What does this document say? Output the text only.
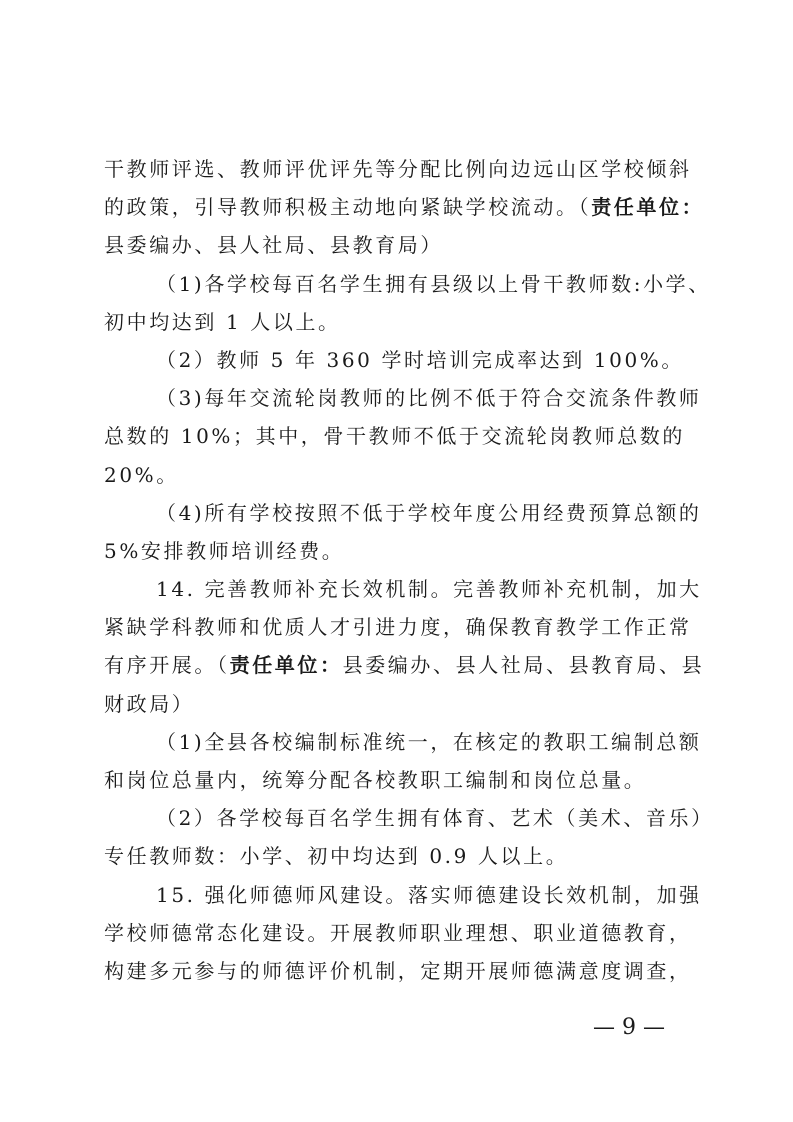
干教师评选、教师评优评先等分配比例向边远山区学校倾斜
的政策，引导教师积极主动地向紧缺学校流动。（责任单位：
县委编办、县人社局、县教育局）
（1)各学校每百名学生拥有县级以上骨干教师数:小学、
初中均达到 1 人以上。
（2）教师 5 年 360 学时培训完成率达到 100%。
（3)每年交流轮岗教师的比例不低于符合交流条件教师
总数的 10%；其中，骨干教师不低于交流轮岗教师总数的
20%。
（4)所有学校按照不低于学校年度公用经费预算总额的
5%安排教师培训经费。
14. 完善教师补充长效机制。完善教师补充机制，加大
紧缺学科教师和优质人才引进力度，确保教育教学工作正常
有序开展。（责任单位：县委编办、县人社局、县教育局、县
财政局）
（1)全县各校编制标准统一，在核定的教职工编制总额
和岗位总量内，统筹分配各校教职工编制和岗位总量。
（2）各学校每百名学生拥有体育、艺术（美术、音乐）
专任教师数：小学、初中均达到 0.9 人以上。
15. 强化师德师风建设。落实师德建设长效机制，加强
学校师德常态化建设。开展教师职业理想、职业道德教育，
构建多元参与的师德评价机制，定期开展师德满意度调查，
— 9 —
